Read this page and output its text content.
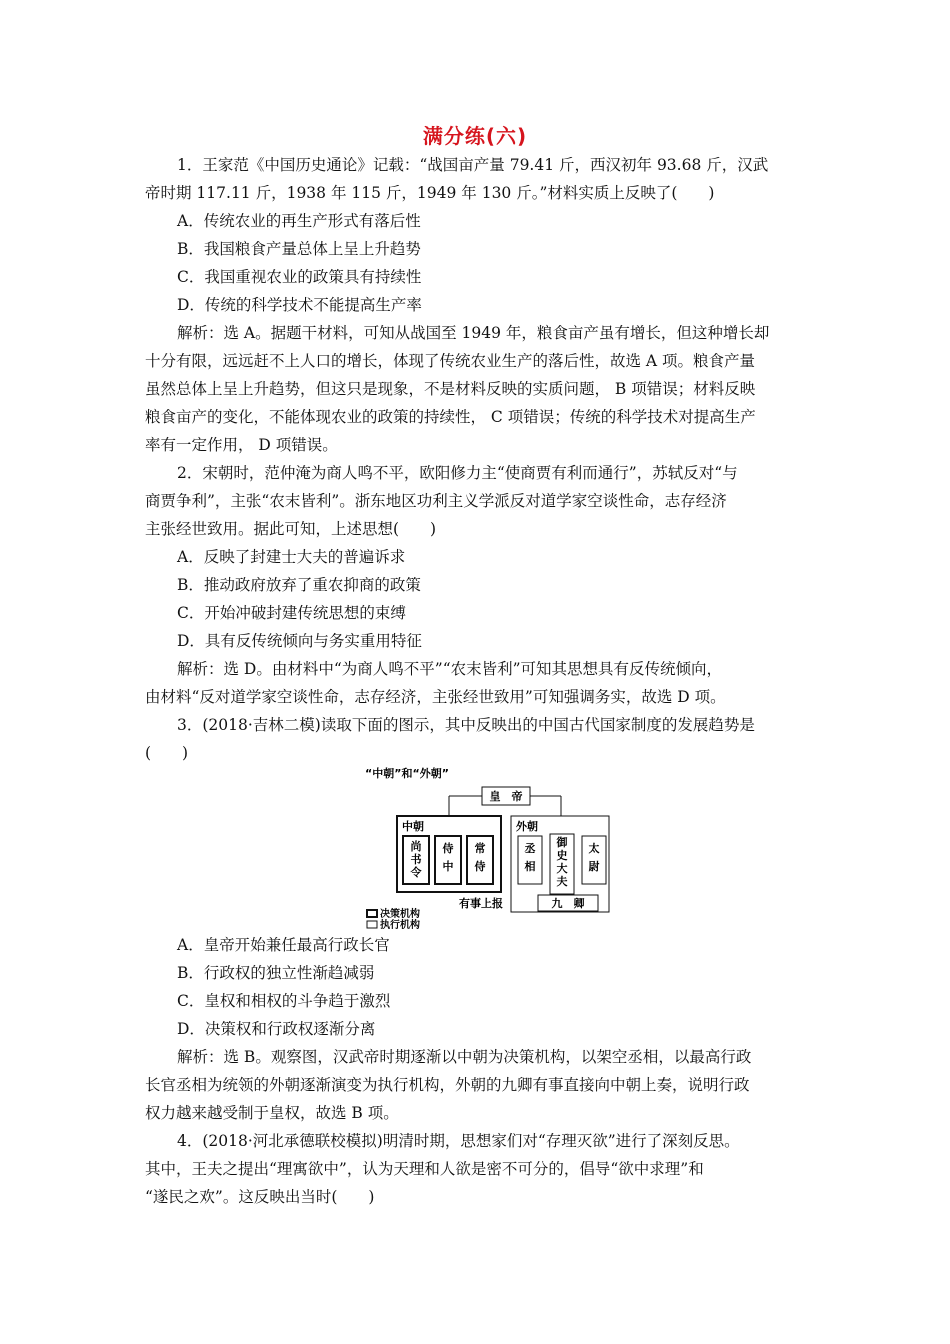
满分练(六)
1．王家范《中国历史通论》记载：“战国亩产量 79.41 斤，西汉初年 93.68 斤，汉武
帝时期 117.11 斤，1938 年 115 斤，1949 年 130 斤。”材料实质上反映了(　　)
A．传统农业的再生产形式有落后性
B．我国粮食产量总体上呈上升趋势
C．我国重视农业的政策具有持续性
D．传统的科学技术不能提高生产率
解析：选 A。据题干材料，可知从战国至 1949 年，粮食亩产虽有增长，但这种增长却
十分有限，远远赶不上人口的增长，体现了传统农业生产的落后性，故选 A 项。粮食产量
虽然总体上呈上升趋势，但这只是现象，不是材料反映的实质问题， B 项错误；材料反映
粮食亩产的变化，不能体现农业的政策的持续性， C 项错误；传统的科学技术对提高生产
率有一定作用， D 项错误。
2．宋朝时，范仲淹为商人鸣不平，欧阳修力主“使商贾有利而通行”，苏轼反对“与
商贾争利”，主张“农末皆利”。浙东地区功利主义学派反对道学家空谈性命，志存经济
主张经世致用。据此可知，上述思想(　　)
A．反映了封建士大夫的普遍诉求
B．推动政府放弃了重农抑商的政策
C．开始冲破封建传统思想的束缚
D．具有反传统倾向与务实重用特征
解析：选 D。由材料中“为商人鸣不平”“农末皆利”可知其思想具有反传统倾向，
由材料“反对道学家空谈性命，志存经济，主张经世致用”可知强调务实，故选 D 项。
3．(2018·吉林二模)读取下面的图示，其中反映出的中国古代国家制度的发展趋势是
(　　)
“中朝”和“外朝”
皇　帝
中朝	外朝
九　卿
有事上报
决策机构
执行机构
尚
书
令
侍
中
常
侍
丞
相
御
史
大
夫
太
尉
A．皇帝开始兼任最高行政长官
B．行政权的独立性渐趋减弱
C．皇权和相权的斗争趋于激烈
D．决策权和行政权逐渐分离
解析：选 B。观察图，汉武帝时期逐渐以中朝为决策机构，以架空丞相，以最高行政
长官丞相为统领的外朝逐渐演变为执行机构，外朝的九卿有事直接向中朝上奏，说明行政
权力越来越受制于皇权，故选 B 项。
4．(2018·河北承德联校模拟)明清时期，思想家们对“存理灭欲”进行了深刻反思。
其中，王夫之提出“理寓欲中”，认为天理和人欲是密不可分的，倡导“欲中求理”和
“遂民之欢”。这反映出当时(　　)
